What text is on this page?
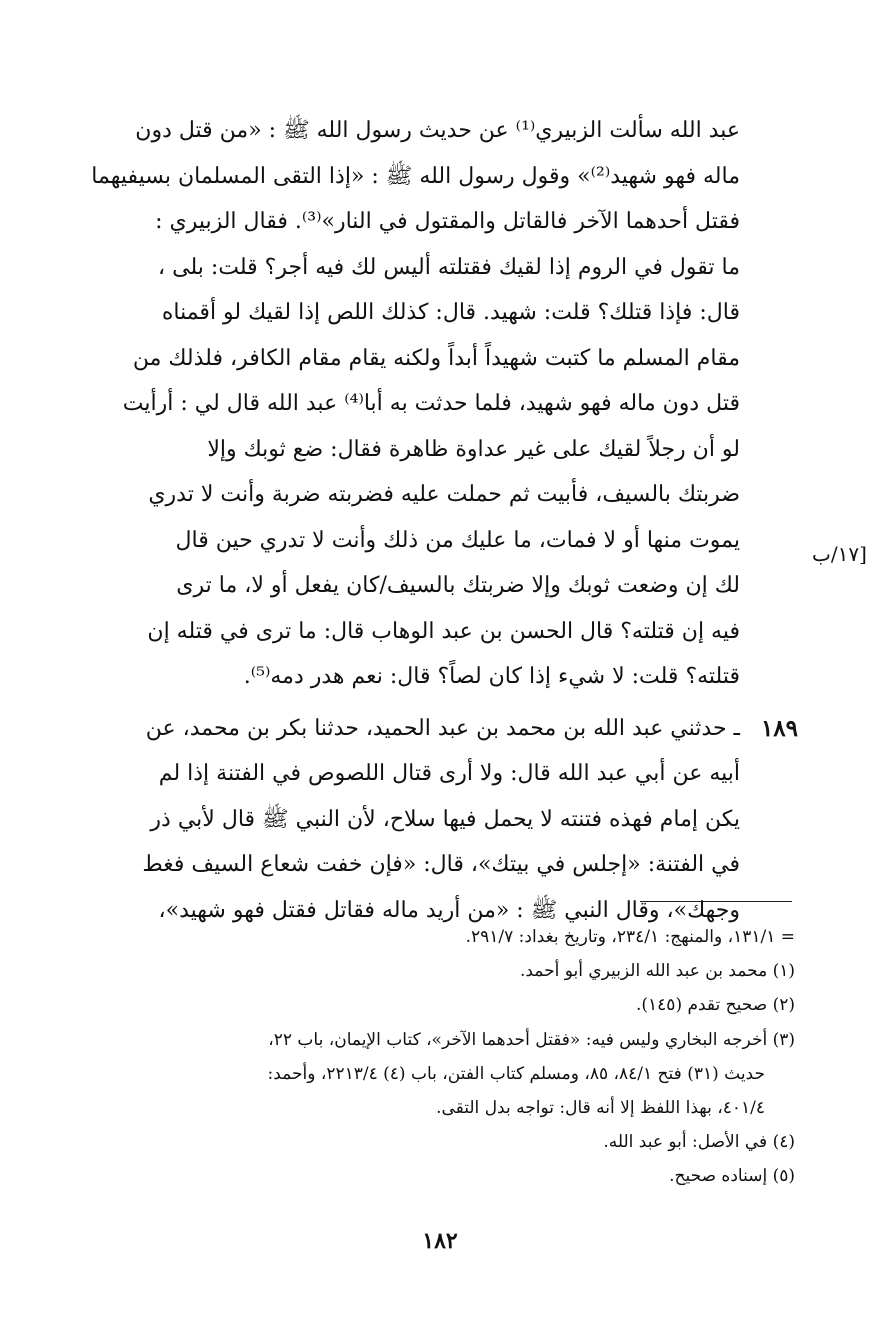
[١٧/ب
عبد الله سألت الزبيري⁽¹⁾ عن حديث رسول الله ﷺ : «من قتل دون
ماله فهو شهيد⁽²⁾» وقول رسول الله ﷺ : «إذا التقى المسلمان بسيفيهما
فقتل أحدهما الآخر فالقاتل والمقتول في النار»⁽³⁾. فقال الزبيري :
ما تقول في الروم إذا لقيك فقتلته أليس لك فيه أجر؟ قلت: بلى ،
قال: فإذا قتلك؟ قلت: شهيد. قال: كذلك اللص إذا لقيك لو أقمناه
مقام المسلم ما كتبت شهيداً أبداً ولكنه يقام مقام الكافر، فلذلك من
قتل دون ماله فهو شهيد، فلما حدثت به أبا⁽⁴⁾ عبد الله قال لي : أرأيت
لو أن رجلاً لقيك على غير عداوة ظاهرة فقال: ضع ثوبك وإلا
ضربتك بالسيف، فأبيت ثم حملت عليه فضربته ضربة وأنت لا تدري
يموت منها أو لا فمات، ما عليك من ذلك وأنت لا تدري حين قال
لك إن وضعت ثوبك وإلا ضربتك بالسيف/كان يفعل أو لا، ما ترى
فيه إن قتلته؟ قال الحسن بن عبد الوهاب قال: ما ترى في قتله إن
قتلته؟ قلت: لا شيء إذا كان لصاً؟ قال: نعم هدر دمه⁽⁵⁾.
١٨٩
ـ حدثني عبد الله بن محمد بن عبد الحميد، حدثنا بكر بن محمد، عن
أبيه عن أبي عبد الله قال: ولا أرى قتال اللصوص في الفتنة إذا لم
يكن إمام فهذه فتنته لا يحمل فيها سلاح، لأن النبي ﷺ قال لأبي ذر
في الفتنة: «إجلس في بيتك»، قال: «فإن خفت شعاع السيف فغط
وجهك»، وقال النبي ﷺ : «من أريد ماله فقاتل فقتل فهو شهيد»،
= ١٣١/١، والمنهج: ٢٣٤/١، وتاريخ بغداد: ٢٩١/٧.
(١) محمد بن عبد الله الزبيري أبو أحمد.
(٢) صحيح تقدم (١٤٥).
(٣) أخرجه البخاري وليس فيه: «فقتل أحدهما الآخر»، كتاب الإيمان، باب ٢٢،
حديث (٣١) فتح ٨٤/١، ٨٥، ومسلم كتاب الفتن، باب (٤) ٢٢١٣/٤، وأحمد:
٤٠١/٤، بهذا اللفظ إلا أنه قال: تواجه بدل التقى.
(٤) في الأصل: أبو عبد الله.
(٥) إسناده صحيح.
١٨٢
